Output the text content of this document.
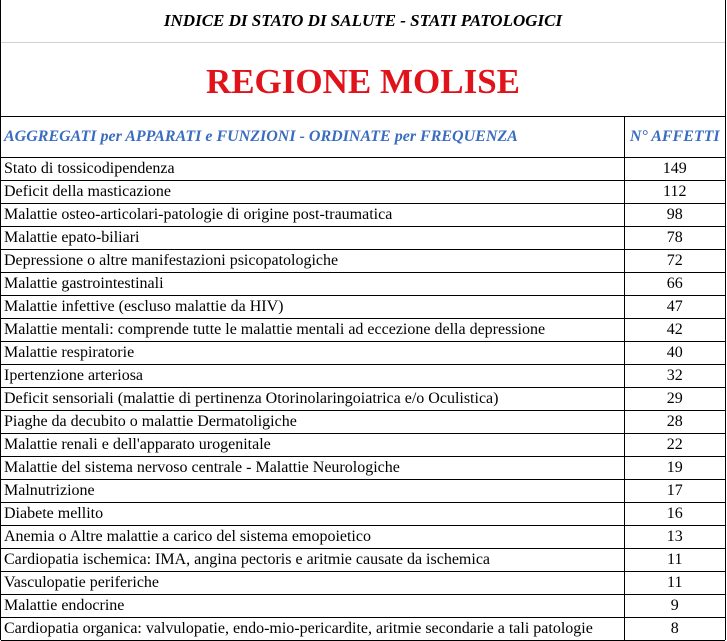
INDICE DI STATO DI SALUTE - STATI PATOLOGICI
REGIONE MOLISE
AGGREGATI per APPARATI e FUNZIONI - ORDINATE per FREQUENZA	N° AFFETTI
Stato di tossicodipendenza	149
Deficit della masticazione	112
Malattie osteo-articolari-patologie di origine post-traumatica	98
Malattie epato-biliari	78
Depressione o altre manifestazioni psicopatologiche	72
Malattie gastrointestinali	66
Malattie infettive (escluso malattie da HIV)	47
Malattie mentali: comprende tutte le malattie mentali ad eccezione della depressione	42
Malattie respiratorie	40
Ipertenzione arteriosa	32
Deficit sensoriali (malattie di pertinenza Otorinolaringoiatrica e/o Oculistica)	29
Piaghe da decubito o malattie Dermatoligiche	28
Malattie renali e dell'apparato urogenitale	22
Malattie del sistema nervoso centrale - Malattie Neurologiche	19
Malnutrizione	17
Diabete mellito	16
Anemia o Altre malattie a carico del sistema emopoietico	13
Cardiopatia ischemica: IMA, angina pectoris e aritmie causate da ischemica	11
Vasculopatie periferiche	11
Malattie endocrine	9
Cardiopatia organica: valvulopatie, endo-mio-pericardite, aritmie secondarie a tali patologie	8
